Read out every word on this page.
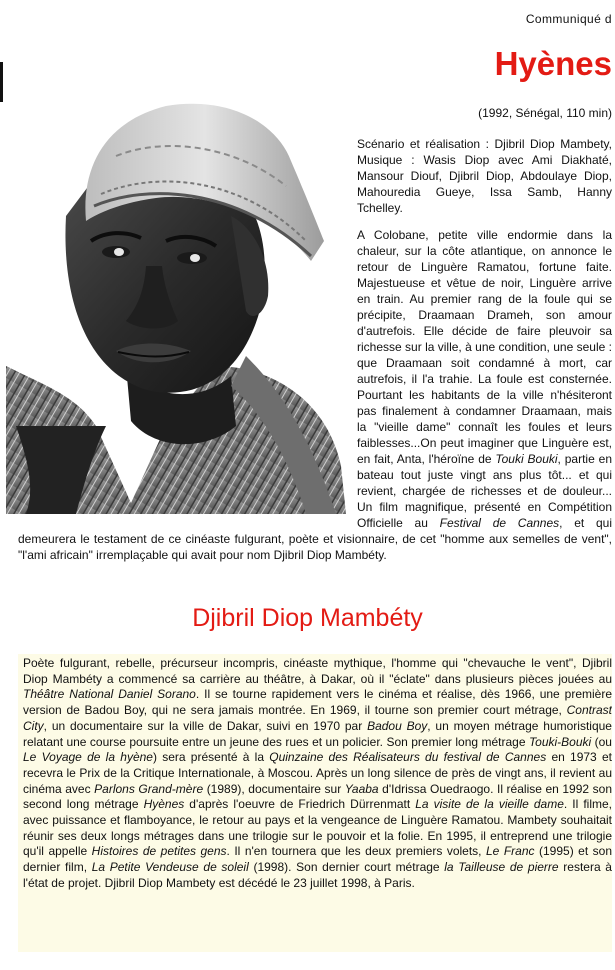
Communiqué d

Hyènes

(1992, Sénégal, 110 min)

Scénario et réalisation : Djibril Diop Mambety, Musique : Wasis Diop avec Ami Diakhaté, Mansour Diouf, Djibril Diop, Abdoulaye Diop, Mahouredia Gueye, Issa Samb, Hanny Tchelley.

A Colobane, petite ville endormie dans la chaleur, sur la côte atlantique, on annonce le retour de Linguère Ramatou, fortune faite. Majestueuse et vêtue de noir, Linguère arrive en train. Au premier rang de la foule qui se précipite, Draamaan Drameh, son amour d'autrefois. Elle décide de faire pleuvoir sa richesse sur la ville, à une condition, une seule : que Draamaan soit condamné à mort, car autrefois, il l'a trahie. La foule est consternée. Pourtant les habitants de la ville n'hésiteront pas finalement à condamner Draamaan, mais la "vieille dame" connaît les foules et leurs faiblesses...On peut imaginer que Linguère est, en fait, Anta, l'héroïne de Touki Bouki, partie en bateau tout juste vingt ans plus tôt... et qui revient, chargée de richesses et de douleur... Un film magnifique, présenté en Compétition Officielle au Festival de Cannes, et qui demeurera le testament de ce cinéaste fulgurant, poète et visionnaire, de cet "homme aux semelles de vent", "l'ami africain" irremplaçable qui avait pour nom Djibril Diop Mambéty.

Djibril Diop Mambéty

Poète fulgurant, rebelle, précurseur incompris, cinéaste mythique, l'homme qui "chevauche le vent", Djibril Diop Mambéty a commencé sa carrière au théâtre, à Dakar, où il "éclate" dans plusieurs pièces jouées au Théâtre National Daniel Sorano. Il se tourne rapidement vers le cinéma et réalise, dès 1966, une première version de Badou Boy, qui ne sera jamais montrée. En 1969, il tourne son premier court métrage, Contrast City, un documentaire sur la ville de Dakar, suivi en 1970 par Badou Boy, un moyen métrage humoristique relatant une course poursuite entre un jeune des rues et un policier. Son premier long métrage Touki-Bouki (ou Le Voyage de la hyène) sera présenté à la Quinzaine des Réalisateurs du festival de Cannes en 1973 et recevra le Prix de la Critique Internationale, à Moscou. Après un long silence de près de vingt ans, il revient au cinéma avec Parlons Grand-mère (1989), documentaire sur Yaaba d'Idrissa Ouedraogo. Il réalise en 1992 son second long métrage Hyènes d'après l'oeuvre de Friedrich Dürrenmatt La visite de la vieille dame. Il filme, avec puissance et flamboyance, le retour au pays et la vengeance de Linguère Ramatou. Mambety souhaitait réunir ses deux longs métrages dans une trilogie sur le pouvoir et la folie. En 1995, il entreprend une trilogie qu'il appelle Histoires de petites gens. Il n'en tournera que les deux premiers volets, Le Franc (1995) et son dernier film, La Petite Vendeuse de soleil (1998). Son dernier court métrage la Tailleuse de pierre restera à l'état de projet. Djibril Diop Mambety est décédé le 23 juillet 1998, à Paris.
